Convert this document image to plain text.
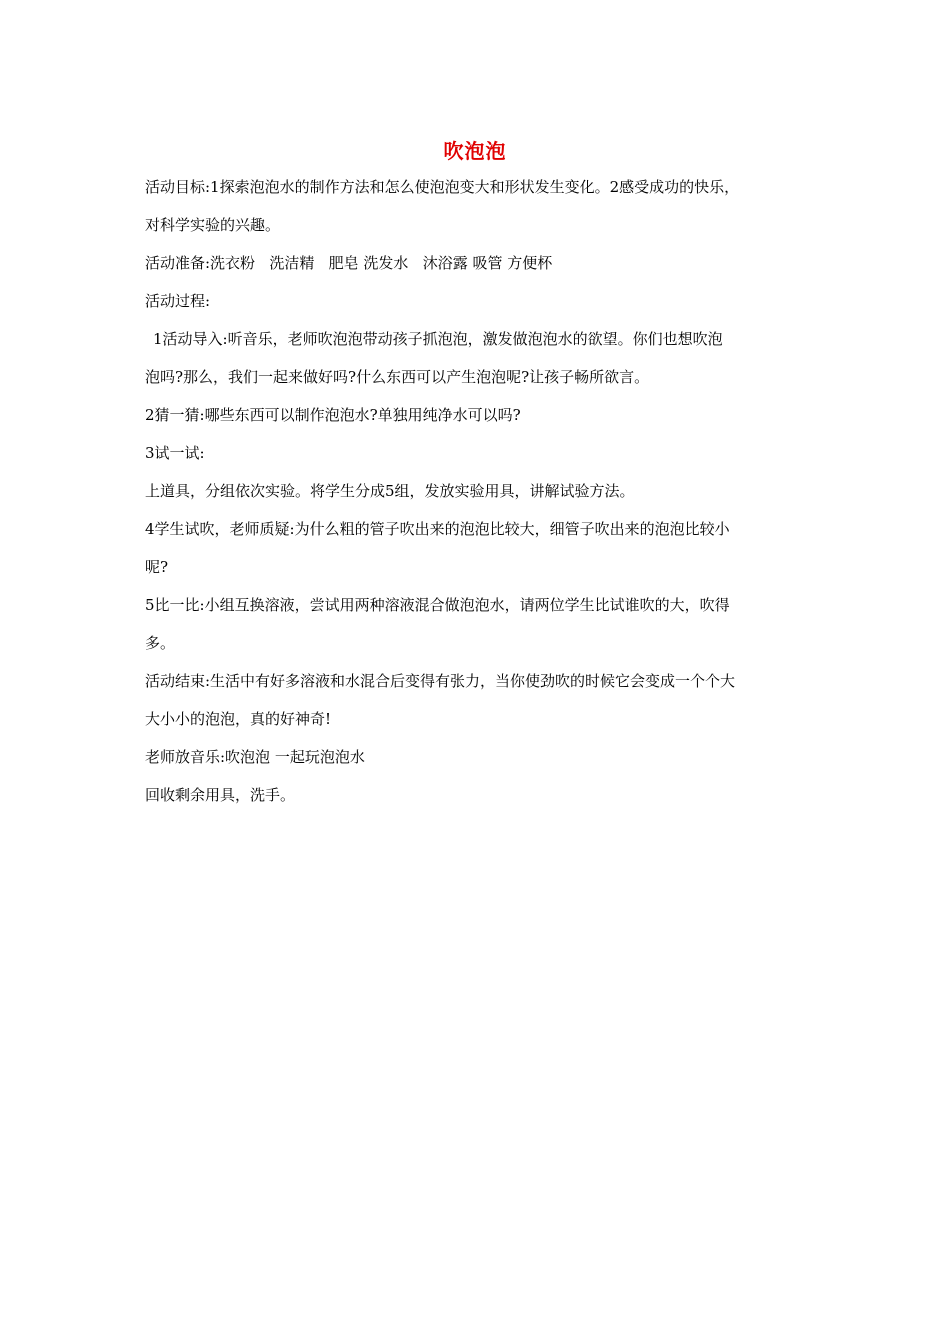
吹泡泡
活动目标:1探索泡泡水的制作方法和怎么使泡泡变大和形状发生变化。2感受成功的快乐，
对科学实验的兴趣。
活动准备:洗衣粉   洗洁精   肥皂 洗发水   沐浴露 吸管 方便杯
活动过程:
1活动导入:听音乐，老师吹泡泡带动孩子抓泡泡，激发做泡泡水的欲望。你们也想吹泡
泡吗?那么，我们一起来做好吗?什么东西可以产生泡泡呢?让孩子畅所欲言。
2猜一猜:哪些东西可以制作泡泡水?单独用纯净水可以吗?
3试一试:
上道具，分组依次实验。将学生分成5组，发放实验用具，讲解试验方法。
4学生试吹，老师质疑:为什么粗的管子吹出来的泡泡比较大，细管子吹出来的泡泡比较小
呢?
5比一比:小组互换溶液，尝试用两种溶液混合做泡泡水，请两位学生比试谁吹的大，吹得
多。
活动结束:生活中有好多溶液和水混合后变得有张力，当你使劲吹的时候它会变成一个个大
大小小的泡泡，真的好神奇!
老师放音乐:吹泡泡 一起玩泡泡水
回收剩余用具，洗手。
